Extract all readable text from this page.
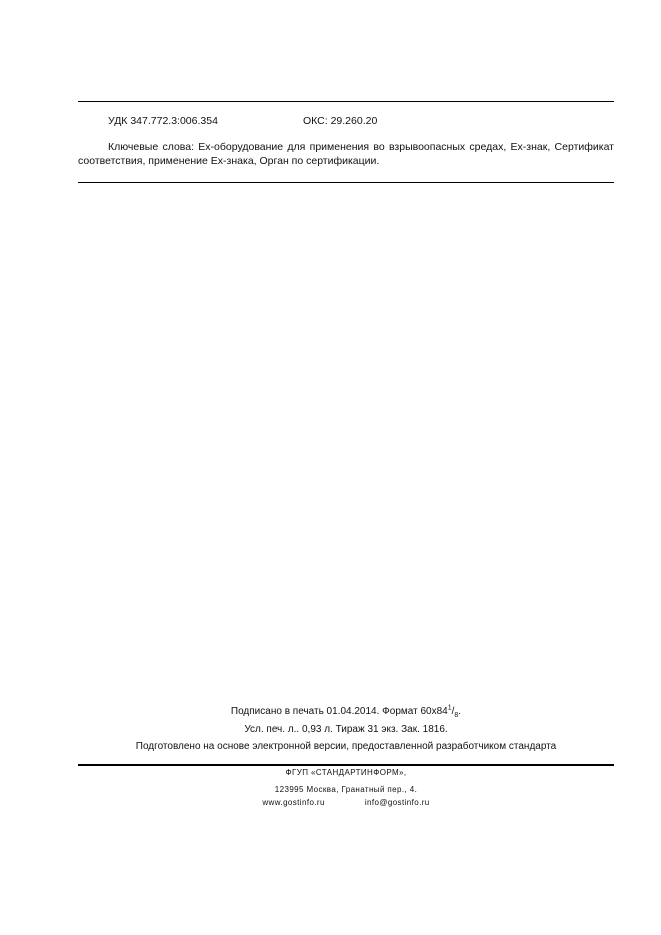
УДК 347.772.3:006.354	ОКС: 29.260.20
Ключевые слова: Ex-оборудование для применения во взрывоопасных средах, Ex-знак, Сертификат соответствия, применение Ex-знака, Орган по сертификации.
Подписано в печать 01.04.2014. Формат $60х84^1/_8$.
Усл. печ. л.. 0,93 л. Тираж 31 экз. Зак. 1816.
Подготовлено на основе электронной версии, предоставленной разработчиком стандарта
ФГУП «СТАНДАРТИНФОРМ»,
123995 Москва, Гранатный пер., 4.
www.gostinfo.ru	info@gostinfo.ru
